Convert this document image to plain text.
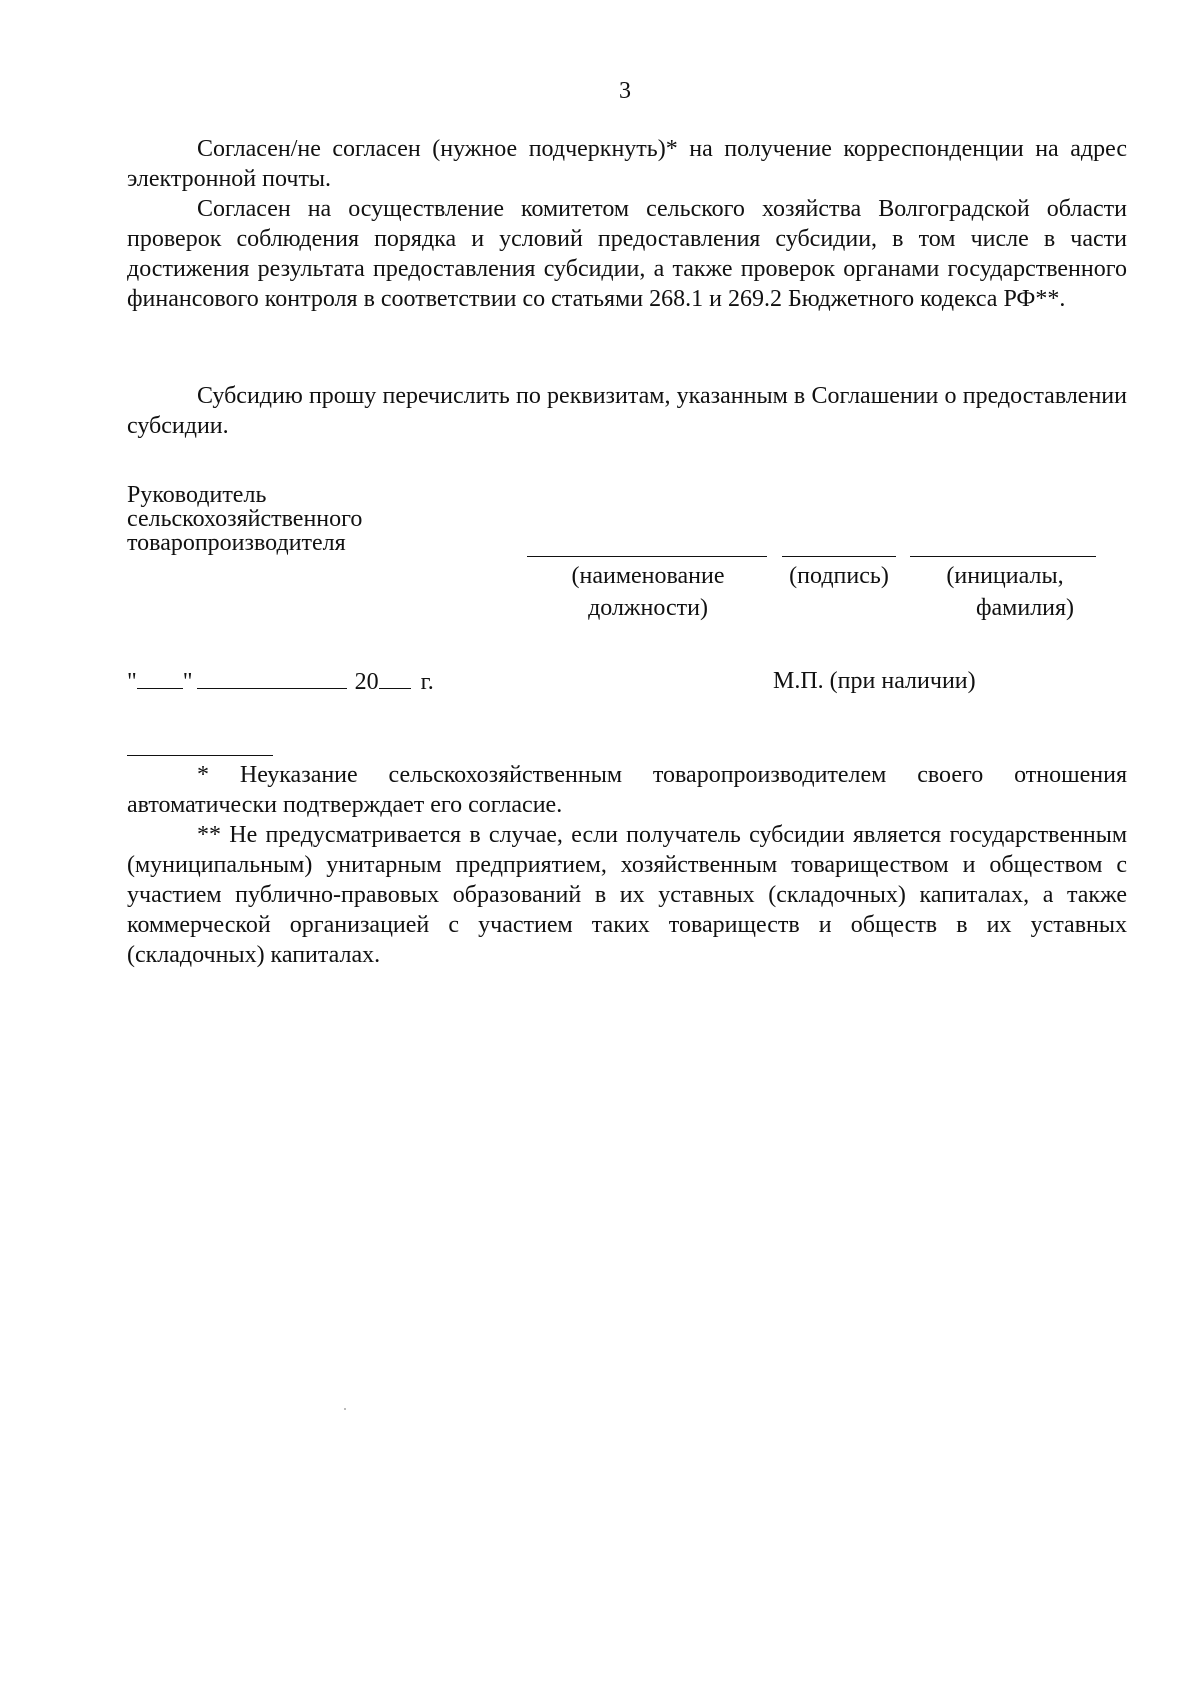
3

Согласен/не согласен (нужное подчеркнуть)* на получение корреспонденции на адрес электронной почты.

Согласен на осуществление комитетом сельского хозяйства Волгоградской области проверок соблюдения порядка и условий предоставления субсидии, в том числе в части достижения результата предоставления субсидии, а также проверок органами государственного финансового контроля в соответствии со статьями 268.1 и 269.2 Бюджетного кодекса РФ**.

Субсидию прошу перечислить по реквизитам, указанным в Соглашении о предоставлении субсидии.

Руководитель
сельскохозяйственного
товаропроизводителя
(наименование
должности)
(подпись)	(инициалы,
фамилия)
" "	20 г.	М.П. (при наличии)

* Неуказание сельскохозяйственным товаропроизводителем своего отношения автоматически подтверждает его согласие.

** Не предусматривается в случае, если получатель субсидии является государственным (муниципальным) унитарным предприятием, хозяйственным товариществом и обществом с участием публично-правовых образований в их уставных (складочных) капиталах, а также коммерческой организацией с участием таких товариществ и обществ в их уставных (складочных) капиталах.
